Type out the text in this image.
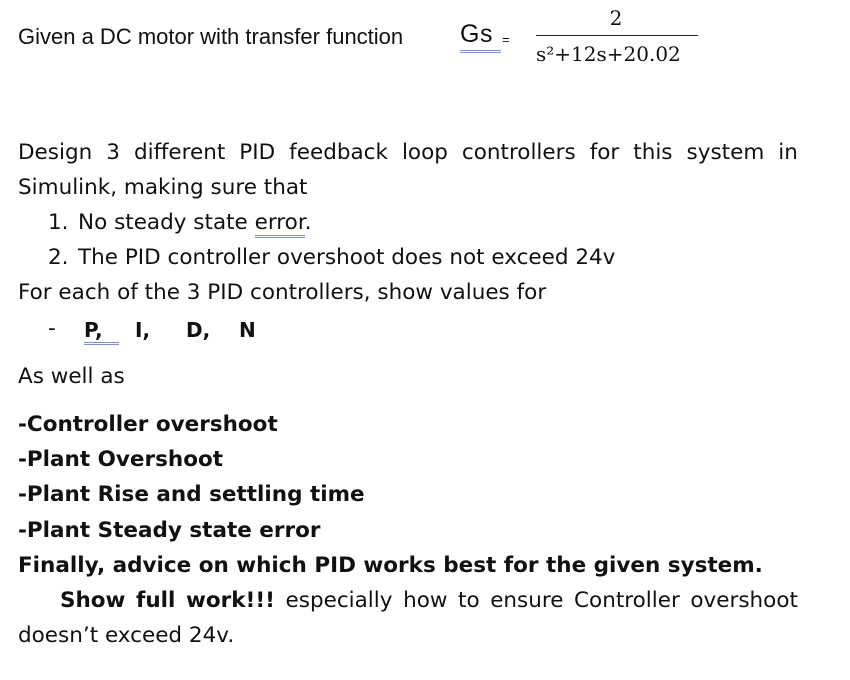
Given a DC motor with transfer function Gs =
2
s²+12s+20.02
Design 3 different PID feedback loop controllers for this system in
Simulink, making sure that
1. No steady state error.
2. The PID controller overshoot does not exceed 24v
For each of the 3 PID controllers, show values for
- P,	I, D, N
As well as
-Controller overshoot
-Plant Overshoot
-Plant Rise and settling time
-Plant Steady state error
Finally, advice on which PID works best for the given system.
Show full work!!! especially how to ensure Controller overshoot
doesn’t exceed 24v.
